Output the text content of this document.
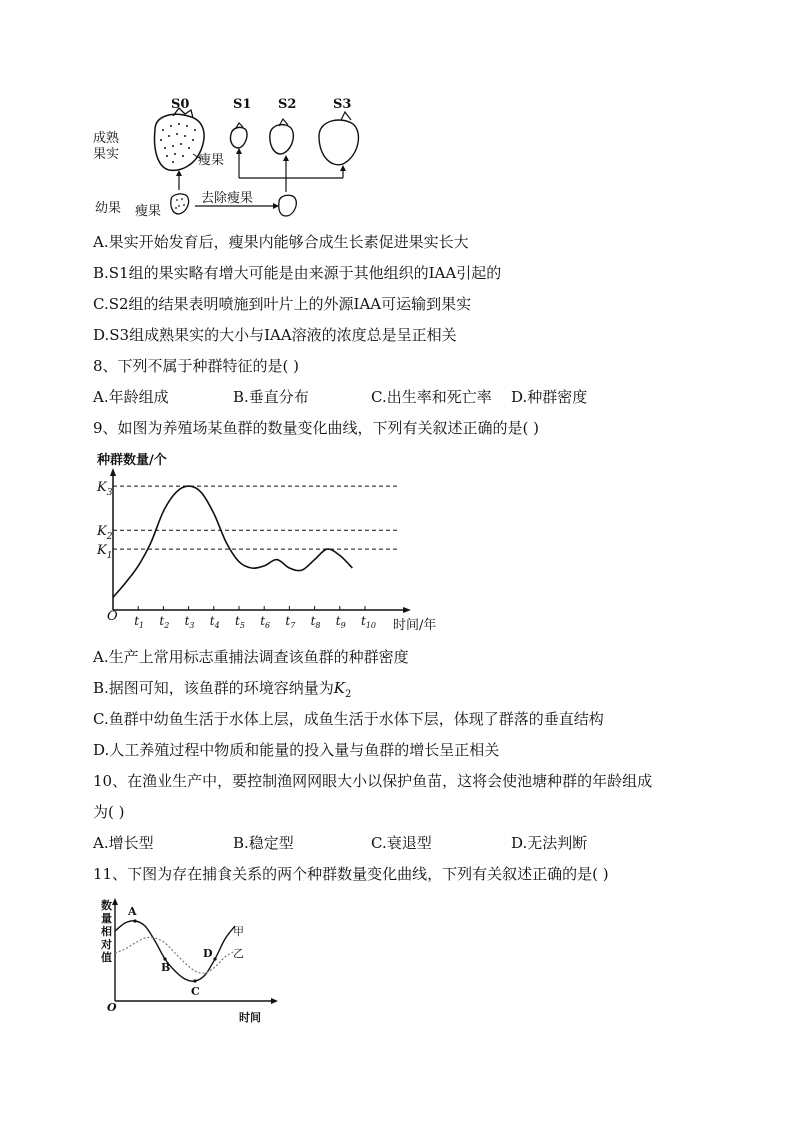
S0	S1 S2	S3
成熟
果实
幼果
瘦果
瘦果
去除瘦果
A.果实开始发育后，瘦果内能够合成生长素促进果实长大
B.S1组的果实略有增大可能是由来源于其他组织的IAA引起的
C.S2组的结果表明喷施到叶片上的外源IAA可运输到果实
D.S3组成熟果实的大小与IAA溶液的浓度总是呈正相关
8、下列不属于种群特征的是( )
A.年龄组成	B.垂直分布	C.出生率和死亡率 D.种群密度
9、如图为养殖场某鱼群的数量变化曲线，下列有关叙述正确的是( )
种群数量/个
时间/年
O $t_1$ $t_2$ $t_3$ $t_4$ $t_5$ $t_6$ $t_7$ $t_8$ $t_9$ $t_{10}$
$K_3$
$K_2$
$K_1$
A.生产上常用标志重捕法调查该鱼群的种群密度
B.据图可知，该鱼群的环境容纳量为$K_2$
C.鱼群中幼鱼生活于水体上层，成鱼生活于水体下层，体现了群落的垂直结构
D.人工养殖过程中物质和能量的投入量与鱼群的增长呈正相关
10、在渔业生产中，要控制渔网网眼大小以保护鱼苗，这将会使池塘种群的年龄组成
为( )
A.增长型	B.稳定型	C.衰退型	D.无法判断
11、下图为存在捕食关系的两个种群数量变化曲线，下列有关叙述正确的是( )
数量相对值
时间
O
甲
乙
A
B
C
D
